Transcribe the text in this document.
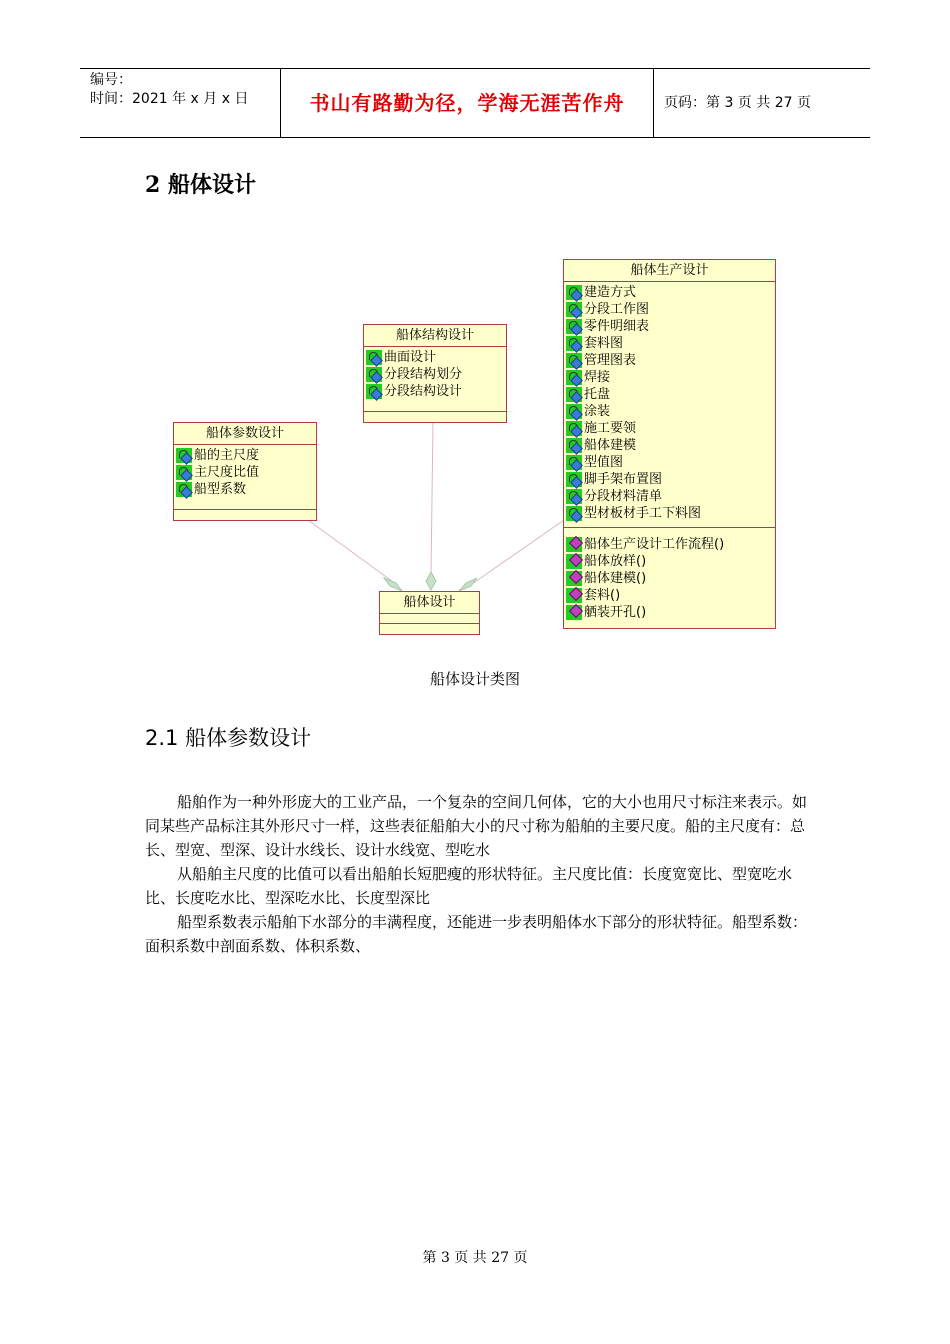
编号：
时间：2021 年 x 月 x 日	书山有路勤为径，学海无涯苦作舟	页码：第 3 页 共 27 页
2 船体设计
船体参数设计
船的主尺度
主尺度比值
船型系数
船体结构设计
曲面设计
分段结构划分
分段结构设计
船体生产设计
建造方式
分段工作图
零件明细表
套料图
管理图表
焊接
托盘
涂装
施工要领
船体建模
型值图
脚手架布置图
分段材料清单
型材板材手工下料图
船体生产设计工作流程()
船体放样()
船体建模()
套料()
舾装开孔()
船体设计
船体设计类图
2.1 船体参数设计

船舶作为一种外形庞大的工业产品，一个复杂的空间几何体，它的大小也用尺寸标注来表示。如同某些产品标注其外形尺寸一样，这些表征船舶大小的尺寸称为船舶的主要尺度。船的主尺度有：总长、型宽、型深、设计水线长、设计水线宽、型吃水

从船舶主尺度的比值可以看出船舶长短肥瘦的形状特征。主尺度比值：长度宽宽比、型宽吃水比、长度吃水比、型深吃水比、长度型深比

船型系数表示船舶下水部分的丰满程度，还能进一步表明船体水下部分的形状特征。船型系数：面积系数中剖面系数、体积系数、

第 3 页 共 27 页
